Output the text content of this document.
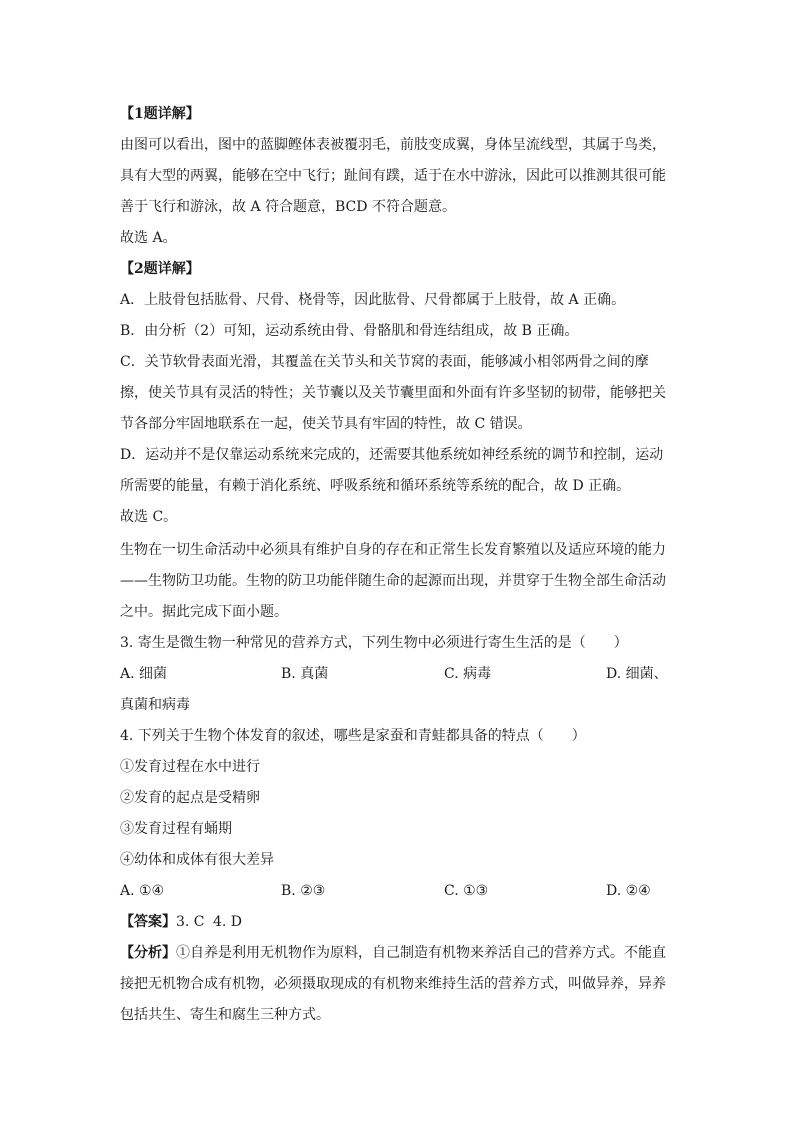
【1题详解】
由图可以看出，图中的蓝脚鲣体表被覆羽毛，前肢变成翼，身体呈流线型，其属于鸟类，
具有大型的两翼，能够在空中飞行；趾间有蹼，适于在水中游泳，因此可以推测其很可能
善于飞行和游泳，故 A 符合题意，BCD 不符合题意。
故选 A。
【2题详解】
A．上肢骨包括肱骨、尺骨、桡骨等，因此肱骨、尺骨都属于上肢骨，故 A 正确。
B．由分析（2）可知，运动系统由骨、骨骼肌和骨连结组成，故 B 正确。
C．关节软骨表面光滑，其覆盖在关节头和关节窝的表面，能够减小相邻两骨之间的摩
擦，使关节具有灵活的特性；关节囊以及关节囊里面和外面有许多坚韧的韧带，能够把关
节各部分牢固地联系在一起，使关节具有牢固的特性，故 C 错误。
D．运动并不是仅靠运动系统来完成的，还需要其他系统如神经系统的调节和控制，运动
所需要的能量，有赖于消化系统、呼吸系统和循环系统等系统的配合，故 D 正确。
故选 C。
生物在一切生命活动中必须具有维护自身的存在和正常生长发育繁殖以及适应环境的能力
——生物防卫功能。生物的防卫功能伴随生命的起源而出现，并贯穿于生物全部生命活动
之中。据此完成下面小题。
3. 寄生是微生物一种常见的营养方式，下列生物中必须进行寄生生活的是（　　）
A. 细菌	B. 真菌	C. 病毒	D. 细菌、
真菌和病毒
4. 下列关于生物个体发育的叙述，哪些是家蚕和青蛙都具备的特点（　　）
①发育过程在水中进行
②发育的起点是受精卵
③发育过程有蛹期
④幼体和成体有很大差异
A. ①④	B. ②③	C. ①③	D. ②④
【答案】3. C 4. D
【分析】①自养是利用无机物作为原料，自己制造有机物来养活自己的营养方式。不能直
接把无机物合成有机物，必须摄取现成的有机物来维持生活的营养方式，叫做异养，异养
包括共生、寄生和腐生三种方式。
